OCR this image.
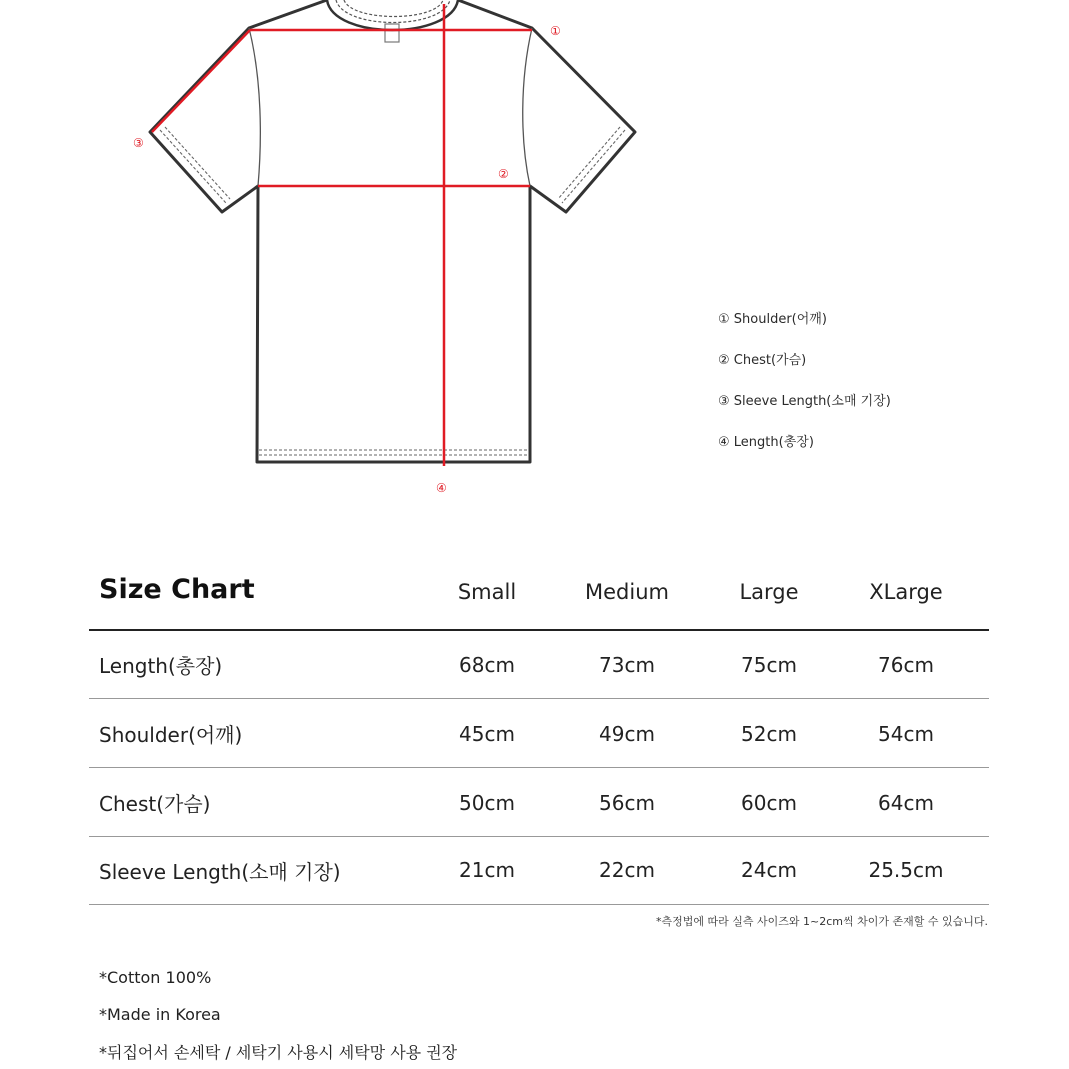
①
②
③
④
① Shoulder(어깨)
② Chest(가슴)
③ Sleeve Length(소매 기장)
④ Length(총장)
Size Chart	Small	Medium	Large	XLarge
Length(총장)	68cm	73cm	75cm	76cm
Shoulder(어깨)	45cm	49cm	52cm	54cm
Chest(가슴)	50cm	56cm	60cm	64cm
Sleeve Length(소매 기장)	21cm	22cm	24cm	25.5cm
*측정법에 따라 실측 사이즈와 1~2cm씩 차이가 존재할 수 있습니다.
*Cotton 100%
*Made in Korea
*뒤집어서 손세탁 / 세탁기 사용시 세탁망 사용 권장
